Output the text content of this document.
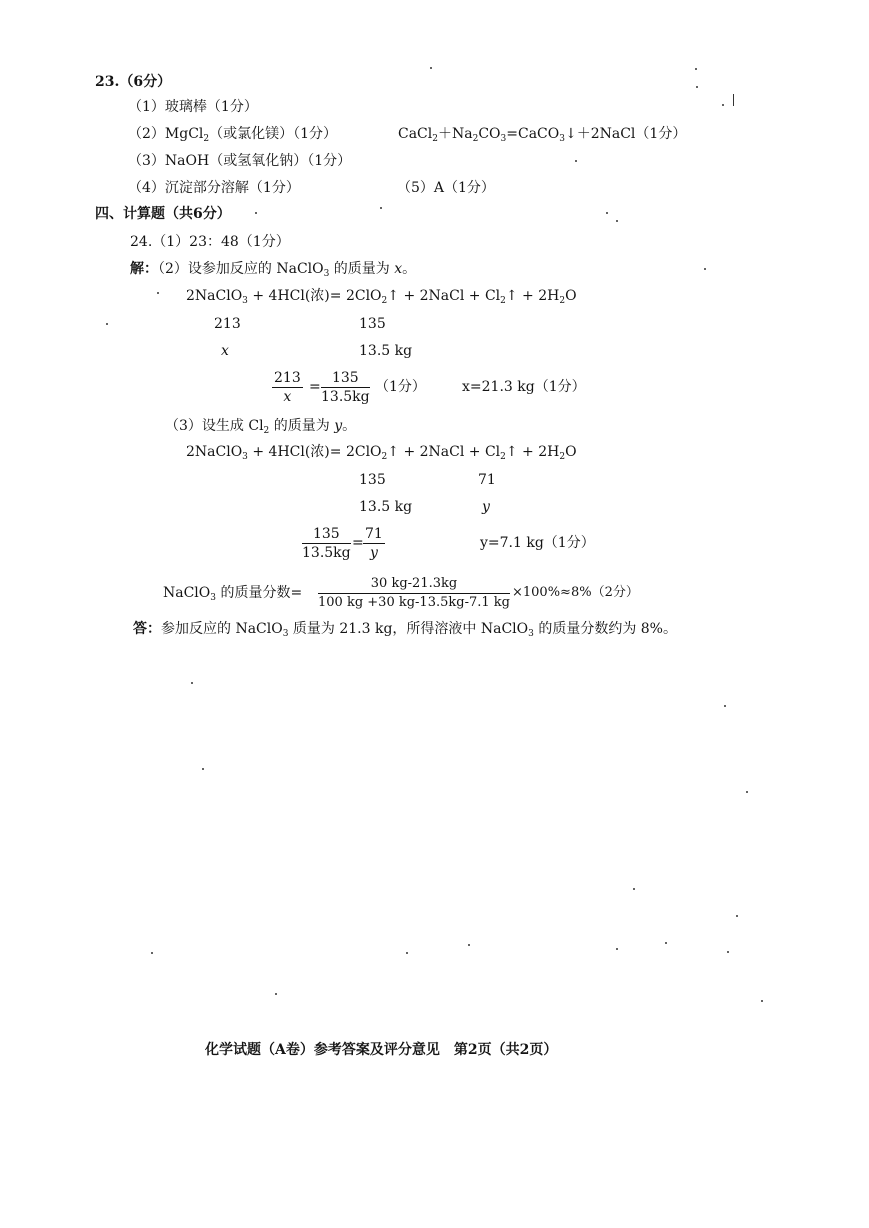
23.（6分）
（1）玻璃棒（1分）
（2）MgCl$_2$（或氯化镁）（1分）	$CaCl_2+Na_2CO_3=CaCO_3↓+2NaCl(1$分）
（3）NaOH（或氢氧化钠）（1分）
（4）沉淀部分溶解（1分）	（5）A（1分）
四、计算题（共6分）
24.（1）23：48（1分）
解：（2）设参加反应的 NaClO$_3$ 的质量为 x。
2NaClO$_3$ + 4HCl(浓)= 2ClO$_2$↑ + 2NaCl + $Cl_2↑ + 2H_2O$
213	135
x	13.5 kg
$\frac{213}{x} = \frac{135}{13.5kg} (1$分）	x=21.3 kg（1分）
（3）设生成 $Cl_2$ 的质量为 y。
2NaClO$_3$ + 4HCl(浓)= 2ClO$_2$↑ + 2NaCl + $Cl_2↑ + 2H_2O$
135	71
13.5 kg	y
$\frac{135}{13.5kg} = \frac{71}{y}$	y=7.1 kg（1分）
NaClO$_3$ 的质量分数= $\frac{30 kg-21.3kg}{100 kg +30 kg-13.5kg-7.1 kg} \times 100\%\approx 8\%(2$分）
答：参加反应的 NaClO$_3$ 质量为 21.3 kg，所得溶液中 NaClO$_3$ 的质量分数约为 8%。
化学试题（A卷）参考答案及评分意见　第2页（共2页）
